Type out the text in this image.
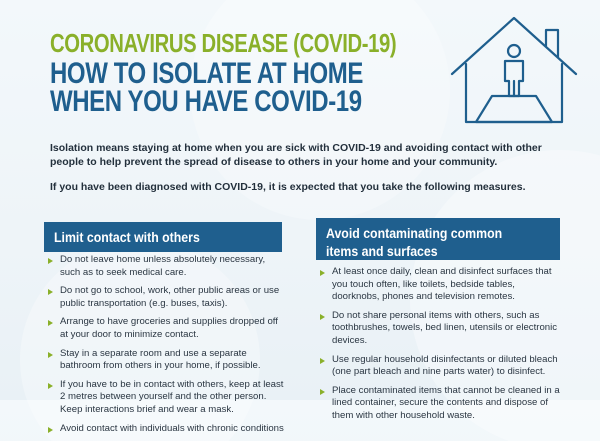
CORONAVIRUS DISEASE (COVID-19)
HOW TO ISOLATE AT HOME
WHEN YOU HAVE COVID-19

Isolation means staying at home when you are sick with COVID-19 and avoiding contact with other people to help prevent the spread of disease to others in your home and your community.

If you have been diagnosed with COVID-19, it is expected that you take the following measures.

Limit contact with others
Do not leave home unless absolutely necessary, such as to seek medical care.
Do not go to school, work, other public areas or use public transportation (e.g. buses, taxis).
Arrange to have groceries and supplies dropped off at your door to minimize contact.
Stay in a separate room and use a separate bathroom from others in your home, if possible.
If you have to be in contact with others, keep at least 2 metres between yourself and the other person. Keep interactions brief and wear a mask.
Avoid contact with individuals with chronic conditions
Avoid contaminating common
items and surfaces
At least once daily, clean and disinfect surfaces that you touch often, like toilets, bedside tables, doorknobs, phones and television remotes.
Do not share personal items with others, such as toothbrushes, towels, bed linen, utensils or electronic devices.
Use regular household disinfectants or diluted bleach (one part bleach and nine parts water) to disinfect.
Place contaminated items that cannot be cleaned in a lined container, secure the contents and dispose of them with other household waste.
